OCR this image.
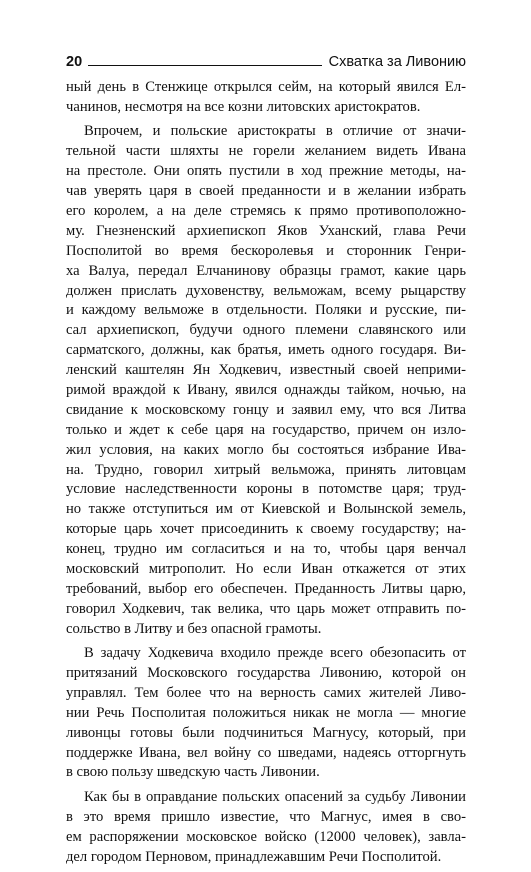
20	Схватка за Ливонию
ный день в Стенжице открылся сейм, на который явился Ел-
чанинов, несмотря на все козни литовских аристократов.
Впрочем, и польские аристократы в отличие от значи-
тельной части шляхты не горели желанием видеть Ивана
на престоле. Они опять пустили в ход прежние методы, на-
чав уверять царя в своей преданности и в желании избрать
его королем, а на деле стремясь к прямо противоположно-
му. Гнезненский архиепископ Яков Уханский, глава Речи
Посполитой во время бескоролевья и сторонник Генри-
ха Валуа, передал Елчанинову образцы грамот, какие царь
должен прислать духовенству, вельможам, всему рыцарству
и каждому вельможе в отдельности. Поляки и русские, пи-
сал архиепископ, будучи одного племени славянского или
сарматского, должны, как братья, иметь одного государя. Ви-
ленский каштелян Ян Ходкевич, известный своей неприми-
римой враждой к Ивану, явился однажды тайком, ночью, на
свидание к московскому гонцу и заявил ему, что вся Литва
только и ждет к себе царя на государство, причем он изло-
жил условия, на каких могло бы состояться избрание Ива-
на. Трудно, говорил хитрый вельможа, принять литовцам
условие наследственности короны в потомстве царя; труд-
но также отступиться им от Киевской и Волынской земель,
которые царь хочет присоединить к своему государству; на-
конец, трудно им согласиться и на то, чтобы царя венчал
московский митрополит. Но если Иван откажется от этих
требований, выбор его обеспечен. Преданность Литвы царю,
говорил Ходкевич, так велика, что царь может отправить по-
сольство в Литву и без опасной грамоты.
В задачу Ходкевича входило прежде всего обезопасить от
притязаний Московского государства Ливонию, которой он
управлял. Тем более что на верность самих жителей Ливо-
нии Речь Посполитая положиться никак не могла — многие
ливонцы готовы были подчиниться Магнусу, который, при
поддержке Ивана, вел войну со шведами, надеясь отторгнуть
в свою пользу шведскую часть Ливонии.
Как бы в оправдание польских опасений за судьбу Ливонии
в это время пришло известие, что Магнус, имея в сво-
ем распоряжении московское войско (12000 человек), завла-
дел городом Перновом, принадлежавшим Речи Посполитой.
